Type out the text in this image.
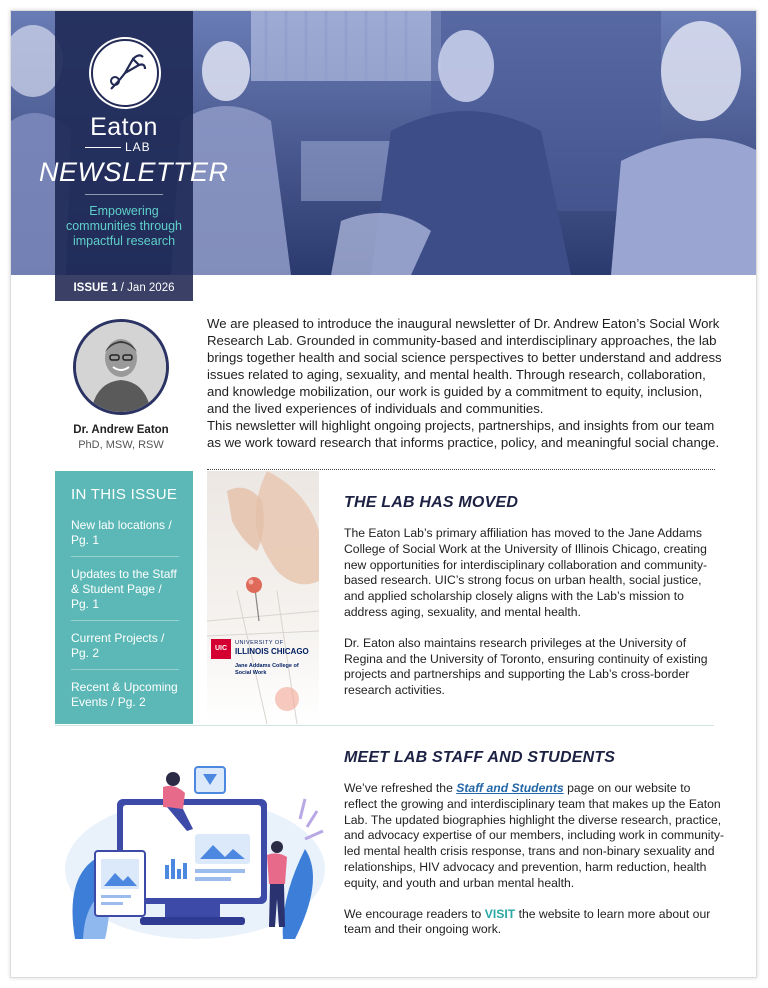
Eaton
LAB
NEWSLETTER
Empowering communities through impactful research
ISSUE 1 / Jan 2026
Dr. Andrew Eaton
PhD, MSW, RSW

We are pleased to introduce the inaugural newsletter of Dr. Andrew Eaton’s Social Work Research Lab. Grounded in community-based and interdisciplinary approaches, the lab brings together health and social science perspectives to better understand and address issues related to aging, sexuality, and mental health. Through research, collaboration, and knowledge mobilization, our work is guided by a commitment to equity, inclusion, and the lived experiences of individuals and communities.

This newsletter will highlight ongoing projects, partnerships, and insights from our team as we work toward research that informs practice, policy, and meaningful social change.

IN THIS ISSUE
New lab locations / Pg. 1
Updates to the Staff & Student Page / Pg. 1
Current Projects / Pg. 2
Recent & Upcoming Events / Pg. 2
UIC
UNIVERSITY OF
ILLINOIS CHICAGO
Jane Addams College of Social Work
THE LAB HAS MOVED

The Eaton Lab’s primary affiliation has moved to the Jane Addams College of Social Work at the University of Illinois Chicago, creating new opportunities for interdisciplinary collaboration and community-based research. UIC’s strong focus on urban health, social justice, and applied scholarship closely aligns with the Lab’s mission to address aging, sexuality, and mental health.

Dr. Eaton also maintains research privileges at the University of Regina and the University of Toronto, ensuring continuity of existing projects and partnerships and supporting the Lab’s cross-border research activities.

MEET LAB STAFF AND STUDENTS

We’ve refreshed the Staff and Students page on our website to reflect the growing and interdisciplinary team that makes up the Eaton Lab. The updated biographies highlight the diverse research, practice, and advocacy expertise of our members, including work in community-led mental health crisis response, trans and non-binary sexuality and relationships, HIV advocacy and prevention, harm reduction, health equity, and youth and urban mental health.

We encourage readers to VISIT the website to learn more about our team and their ongoing work.
